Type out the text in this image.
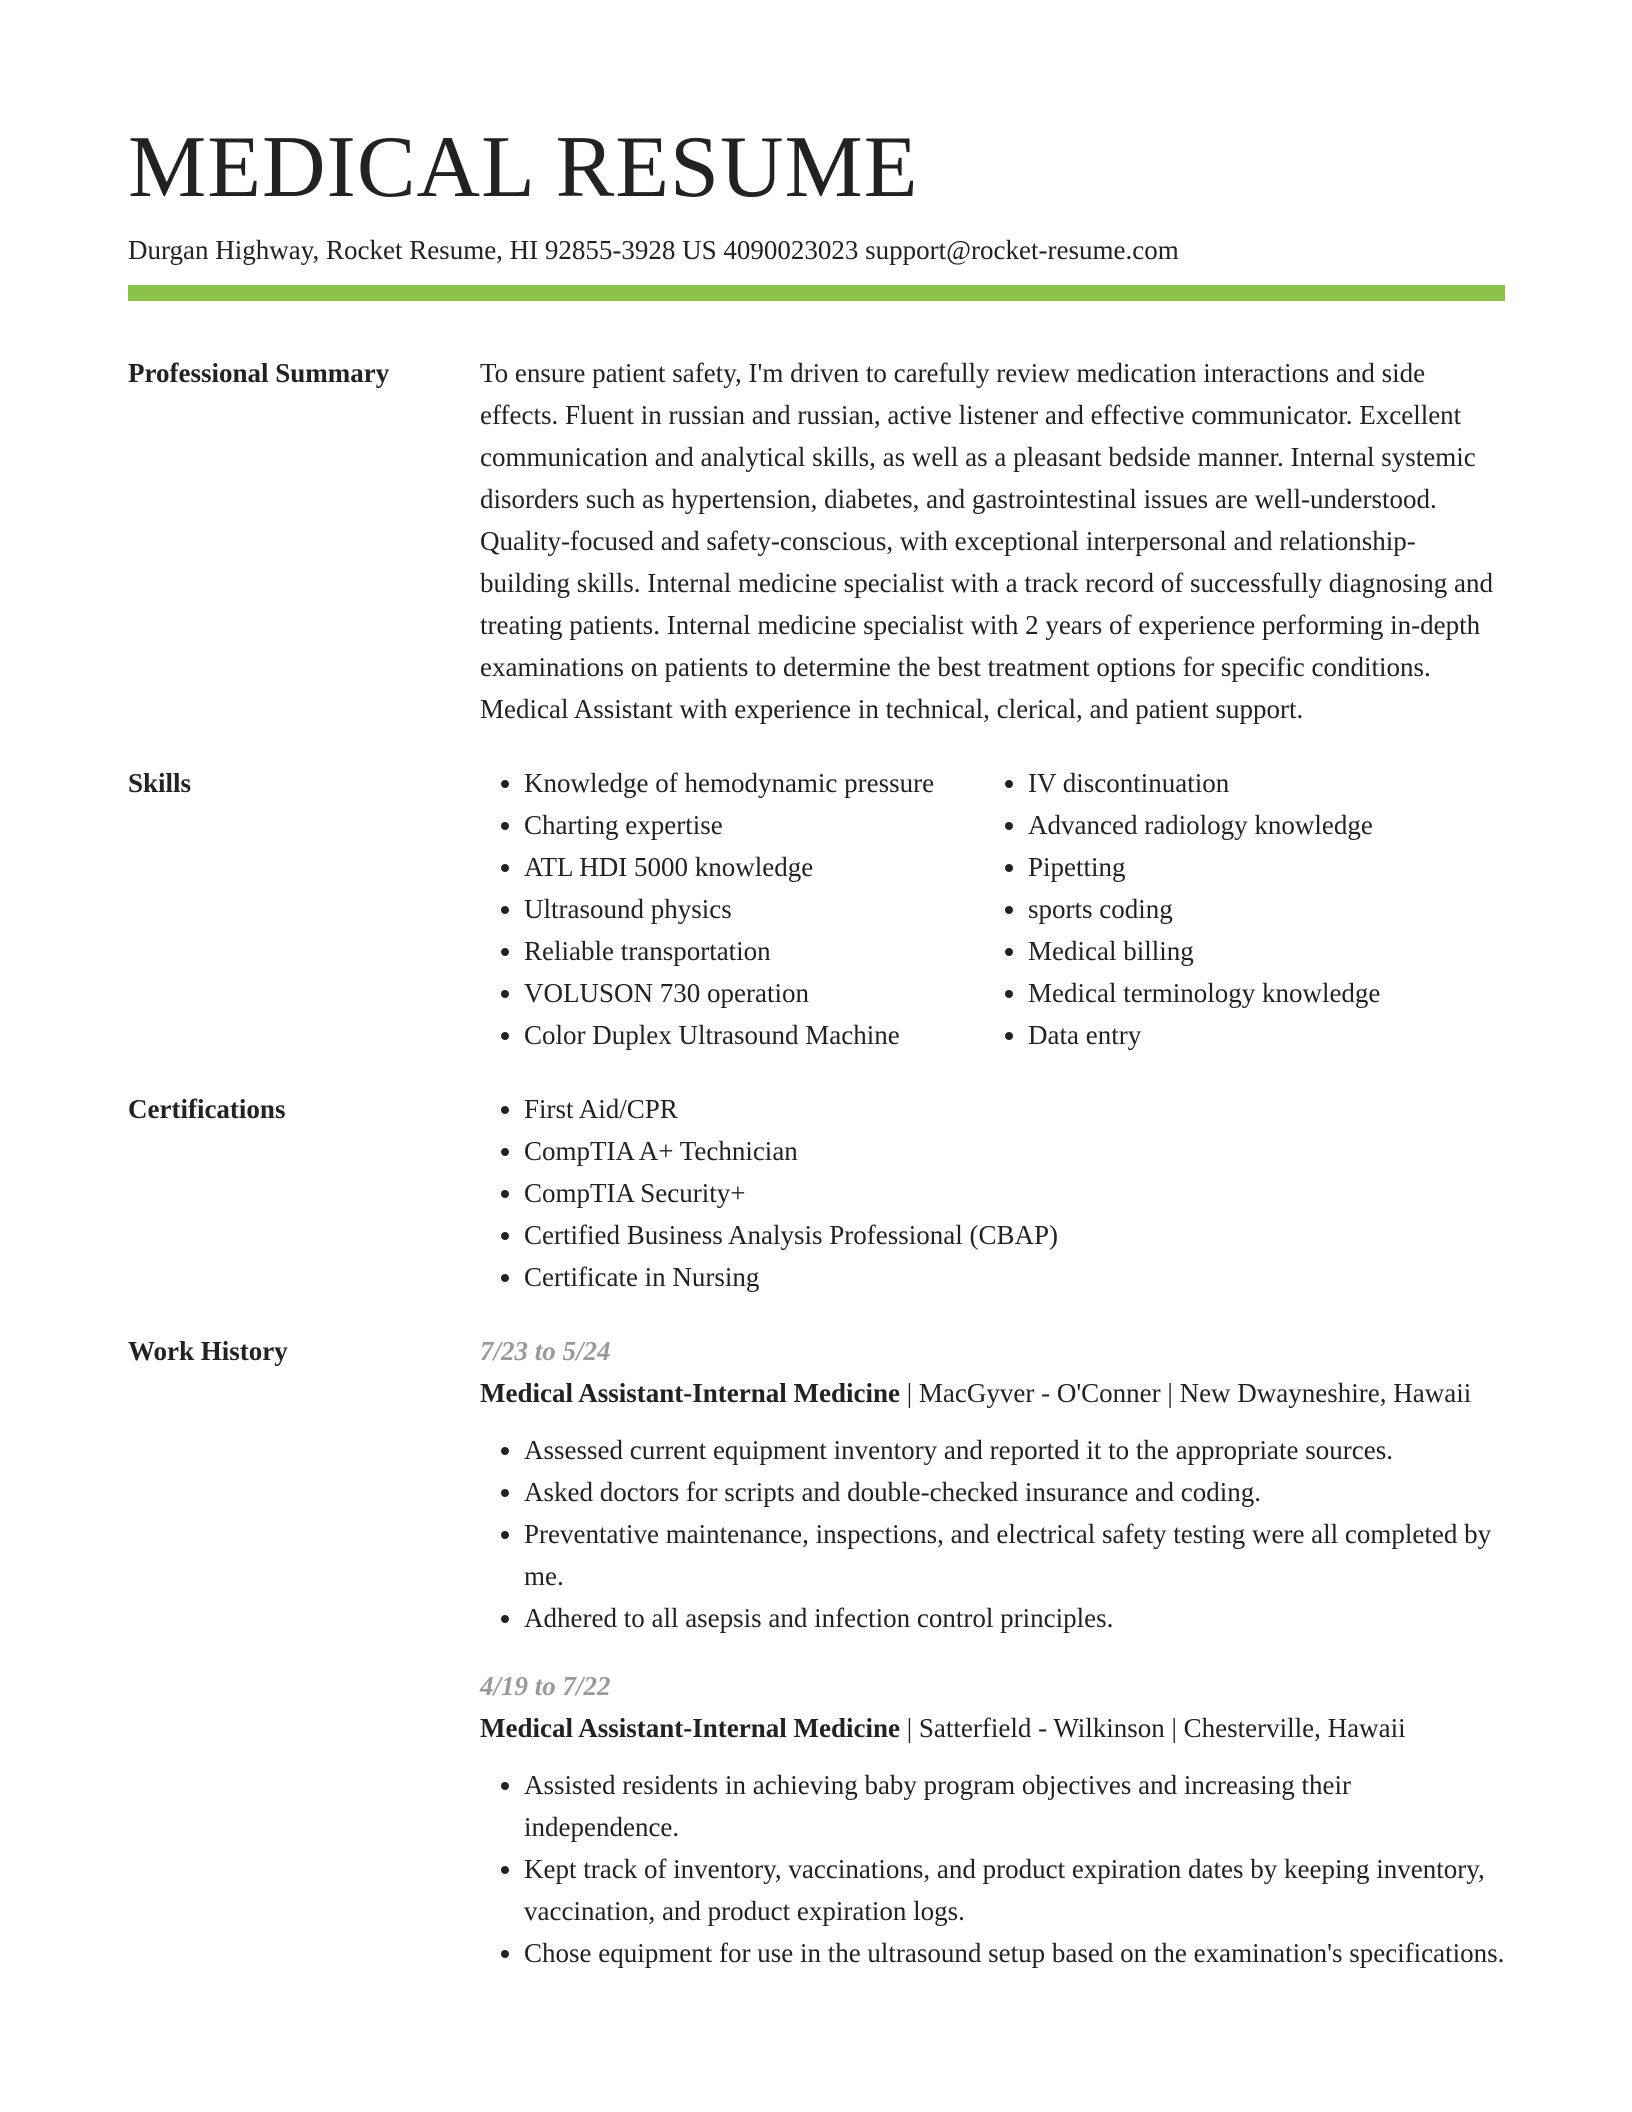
MEDICAL RESUME
Durgan Highway, Rocket Resume, HI 92855-3928 US 4090023023 support@rocket-resume.com
Professional Summary	To ensure patient safety, I'm driven to carefully review medication interactions and side effects. Fluent in russian and russian, active listener and effective communicator. Excellent communication and analytical skills, as well as a pleasant bedside manner. Internal systemic disorders such as hypertension, diabetes, and gastrointestinal issues are well-understood. Quality-focused and safety-conscious, with exceptional interpersonal and relationship-building skills. Internal medicine specialist with a track record of successfully diagnosing and treating patients. Internal medicine specialist with 2 years of experience performing in-depth examinations on patients to determine the best treatment options for specific conditions. Medical Assistant with experience in technical, clerical, and patient support.

Skills	• Knowledge of hemodynamic pressure
• Charting expertise
• ATL HDI 5000 knowledge
• Ultrasound physics
• Reliable transportation
• VOLUSON 730 operation
• Color Duplex Ultrasound Machine
• IV discontinuation
• Advanced radiology knowledge
• Pipetting
• sports coding
• Medical billing
• Medical terminology knowledge
• Data entry
Certifications	• First Aid/CPR
• CompTIA A+ Technician
• CompTIA Security+
• Certified Business Analysis Professional (CBAP)
• Certificate in Nursing
Work History	7/23 to 5/24

Medical Assistant-Internal Medicine | MacGyver - O'Conner | New Dwayneshire, Hawaii

• Assessed current equipment inventory and reported it to the appropriate sources.
• Asked doctors for scripts and double-checked insurance and coding.
• Preventative maintenance, inspections, and electrical safety testing were all completed by me.
• Adhered to all asepsis and infection control principles.
4/19 to 7/22

Medical Assistant-Internal Medicine | Satterfield - Wilkinson | Chesterville, Hawaii

• Assisted residents in achieving baby program objectives and increasing their independence.
• Kept track of inventory, vaccinations, and product expiration dates by keeping inventory, vaccination, and product expiration logs.
• Chose equipment for use in the ultrasound setup based on the examination's specifications.
